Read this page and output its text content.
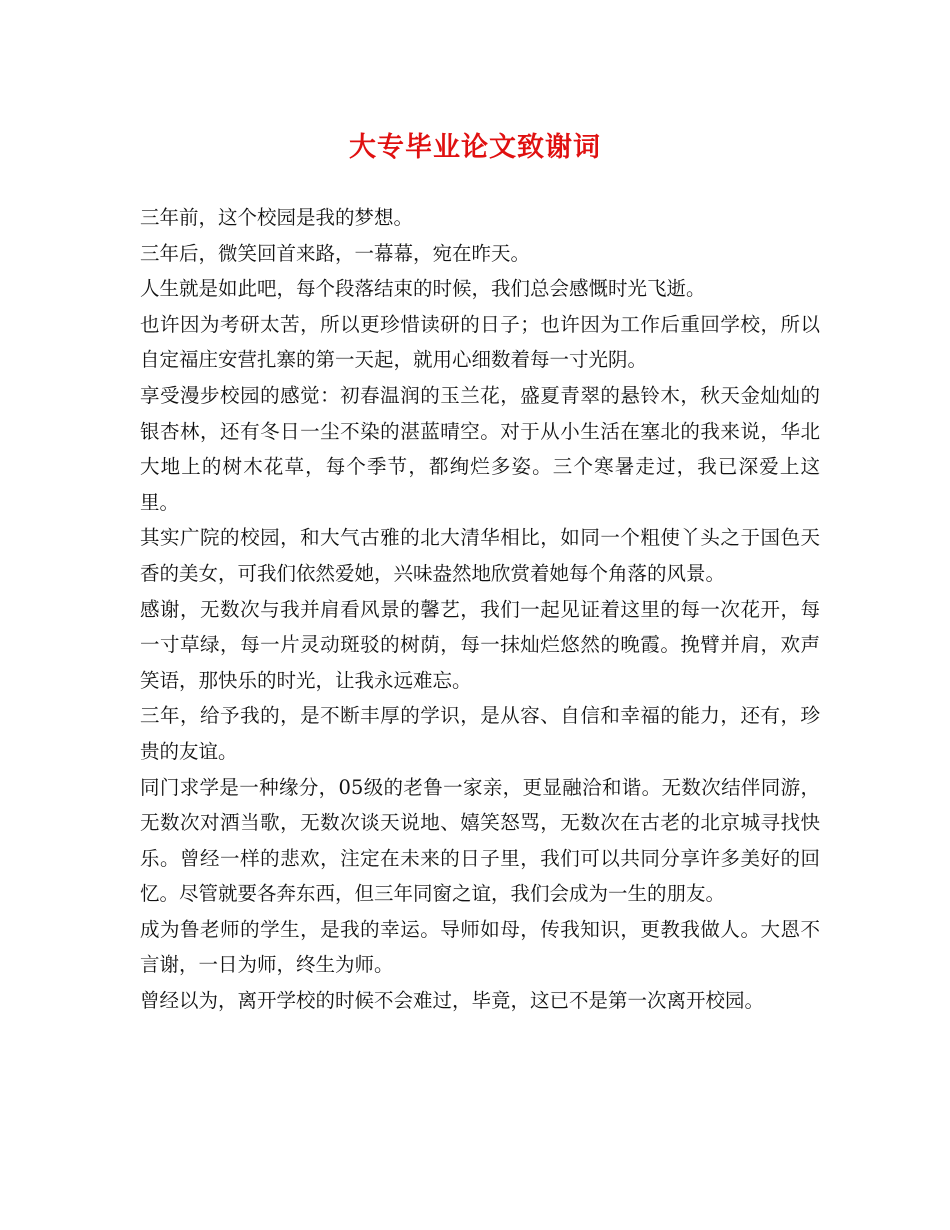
大专毕业论文致谢词

三年前，这个校园是我的梦想。

三年后，微笑回首来路，一幕幕，宛在昨天。

人生就是如此吧，每个段落结束的时候，我们总会感慨时光飞逝。

也许因为考研太苦，所以更珍惜读研的日子；也许因为工作后重回学校，所以自定福庄安营扎寨的第一天起，就用心细数着每一寸光阴。

享受漫步校园的感觉：初春温润的玉兰花，盛夏青翠的悬铃木，秋天金灿灿的银杏林，还有冬日一尘不染的湛蓝晴空。对于从小生活在塞北的我来说，华北大地上的树木花草，每个季节，都绚烂多姿。三个寒暑走过，我已深爱上这里。

其实广院的校园，和大气古雅的北大清华相比，如同一个粗使丫头之于国色天香的美女，可我们依然爱她，兴味盎然地欣赏着她每个角落的风景。

感谢，无数次与我并肩看风景的馨艺，我们一起见证着这里的每一次花开，每一寸草绿，每一片灵动斑驳的树荫，每一抹灿烂悠然的晚霞。挽臂并肩，欢声笑语，那快乐的时光，让我永远难忘。

三年，给予我的，是不断丰厚的学识，是从容、自信和幸福的能力，还有，珍贵的友谊。

同门求学是一种缘分，05级的老鲁一家亲，更显融洽和谐。无数次结伴同游，无数次对酒当歌，无数次谈天说地、嬉笑怒骂，无数次在古老的北京城寻找快乐。曾经一样的悲欢，注定在未来的日子里，我们可以共同分享许多美好的回忆。尽管就要各奔东西，但三年同窗之谊，我们会成为一生的朋友。

成为鲁老师的学生，是我的幸运。导师如母，传我知识，更教我做人。大恩不言谢，一日为师，终生为师。

曾经以为，离开学校的时候不会难过，毕竟，这已不是第一次离开校园。
